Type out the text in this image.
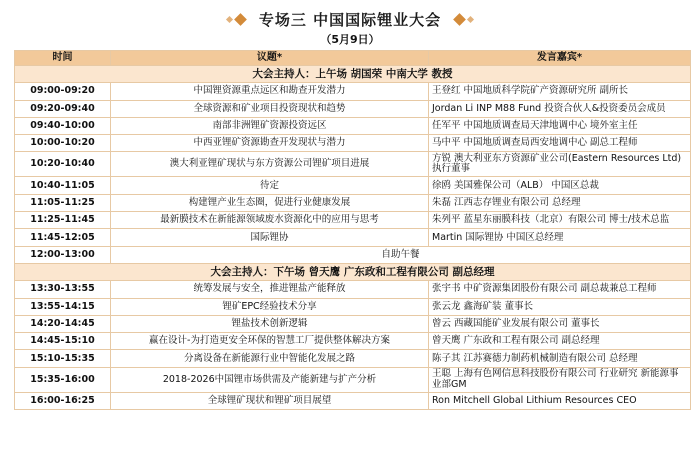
专场三 中国国际锂业大会
（5月9日）
时间	议题*	发言嘉宾*
大会主持人：上午场 胡国荣 中南大学 教授		
09:00-09:20	中国锂资源重点远区和勘查开发潜力	王登红 中国地质科学院矿产资源研究所 副所长
09:20-09:40	全球资源和矿业项目投资现状和趋势	Jordan Li INP M88 Fund 投资合伙人&投资委员会成员
09:40-10:00	南部非洲锂矿资源投资远区	任军平 中国地质调查局天津地调中心 境外室主任
10:00-10:20	中西亚锂矿资源勘查开发现状与潜力	马中平 中国地质调查局西安地调中心 副总工程师
10:20-10:40	澳大利亚锂矿现状与东方资源公司锂矿项目进展	方锐 澳大利亚东方资源矿业公司(Eastern Resources Ltd)执行董事
10:40-11:05	待定	徐鸥 美国雅保公司（ALB） 中国区总裁
11:05-11:25	构建锂产业生态圈，促进行业健康发展	朱磊 江西志存锂业有限公司 总经理
11:25-11:45	最新膜技术在新能源领域废水资源化中的应用与思考	朱列平 蓝星东丽膜科技（北京）有限公司 博士/技术总监
11:45-12:05	国际锂协	Martin 国际锂协 中国区总经理
12:00-13:00	自助午餐	
大会主持人：下午场 曾天鹰 广东政和工程有限公司 副总经理		
13:30-13:55	统筹发展与安全，推进锂盐产能释放	张宇书 中矿资源集团股份有限公司 副总裁兼总工程师
13:55-14:15	锂矿EPC经验技术分享	张云龙 鑫海矿装 董事长
14:20-14:45	锂盐技术创新逻辑	曾云 西藏国能矿业发展有限公司 董事长
14:45-15:10	赢在设计-为打造更安全环保的智慧工厂提供整体解决方案	曾天鹰 广东政和工程有限公司 副总经理
15:10-15:35	分离设备在新能源行业中智能化发展之路	陈子其 江苏赛德力制药机械制造有限公司 总经理
15:35-16:00	2018-2026中国锂市场供需及产能新建与扩产分析	王聪 上海有色网信息科技股份有限公司 行业研究 新能源事业部GM
16:00-16:25	全球锂矿现状和锂矿项目展望	Ron Mitchell Global Lithium Resources CEO
